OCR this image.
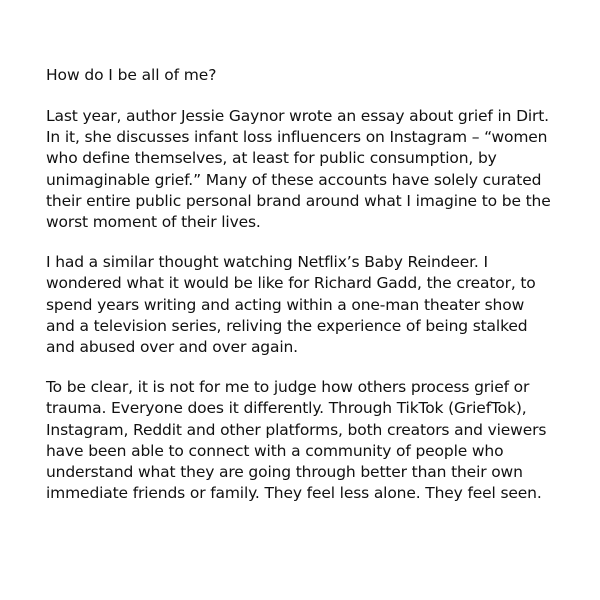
How do I be all of me?

Last year, author Jessie Gaynor wrote an essay about grief in Dirt. In it, she discusses infant loss influencers on Instagram – “women who define themselves, at least for public consumption, by unimaginable grief.” Many of these accounts have solely curated their entire public personal brand around what I imagine to be the worst moment of their lives.

I had a similar thought watching Netflix’s Baby Reindeer. I wondered what it would be like for Richard Gadd, the creator, to spend years writing and acting within a one-man theater show and a television series, reliving the experience of being stalked and abused over and over again.

To be clear, it is not for me to judge how others process grief or trauma. Everyone does it differently. Through TikTok (GriefTok), Instagram, Reddit and other platforms, both creators and viewers have been able to connect with a community of people who understand what they are going through better than their own immediate friends or family. They feel less alone. They feel seen.
